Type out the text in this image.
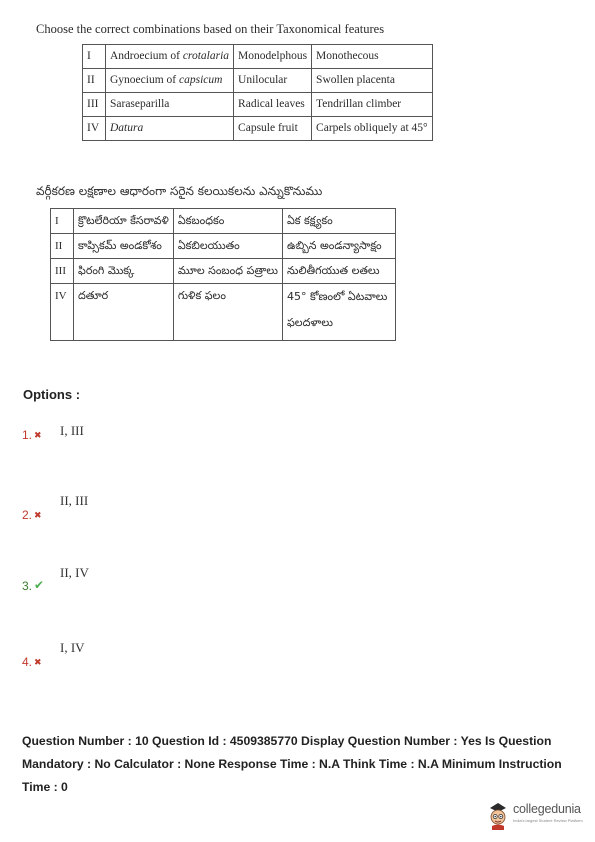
Choose the correct combinations based on their Taxonomical features
I	Androecium of crotalaria	Monodelphous	Monothecous
II	Gynoecium of capsicum	Unilocular	Swollen placenta
III	Saraseparilla	Radical leaves	Tendrillan climber
IV	Datura	Capsule fruit	Carpels obliquely at 45°
వర్గీకరణ లక్షణాల ఆధారంగా సరైన కలయికలను ఎన్నుకొనుము
I	క్రొటలేరియా కేసరావళి	ఏకబంధకం	ఏక కక్ష్యకం
II	కాప్సికమ్ అండకోశం	ఏకబిలయుతం	ఉబ్బిన అండన్యాసాక్షం
III	ఫిరంగి మొక్క	మూల సంబంధ పత్రాలు	నులితీగయుత లతలు
IV	దతూర	గుళిక ఫలం	45° కోణంలో ఏటవాలు ఫలదళాలు
Options :
1. ✖ I, III
2. ✖
II, III
3. ✔
II, IV
4. ✖
I, IV
Question Number : 10 Question Id : 4509385770 Display Question Number : Yes Is Question Mandatory : No Calculator : None Response Time : N.A Think Time : N.A Minimum Instruction Time : 0
collegedunia
India's largest Student Review Platform
